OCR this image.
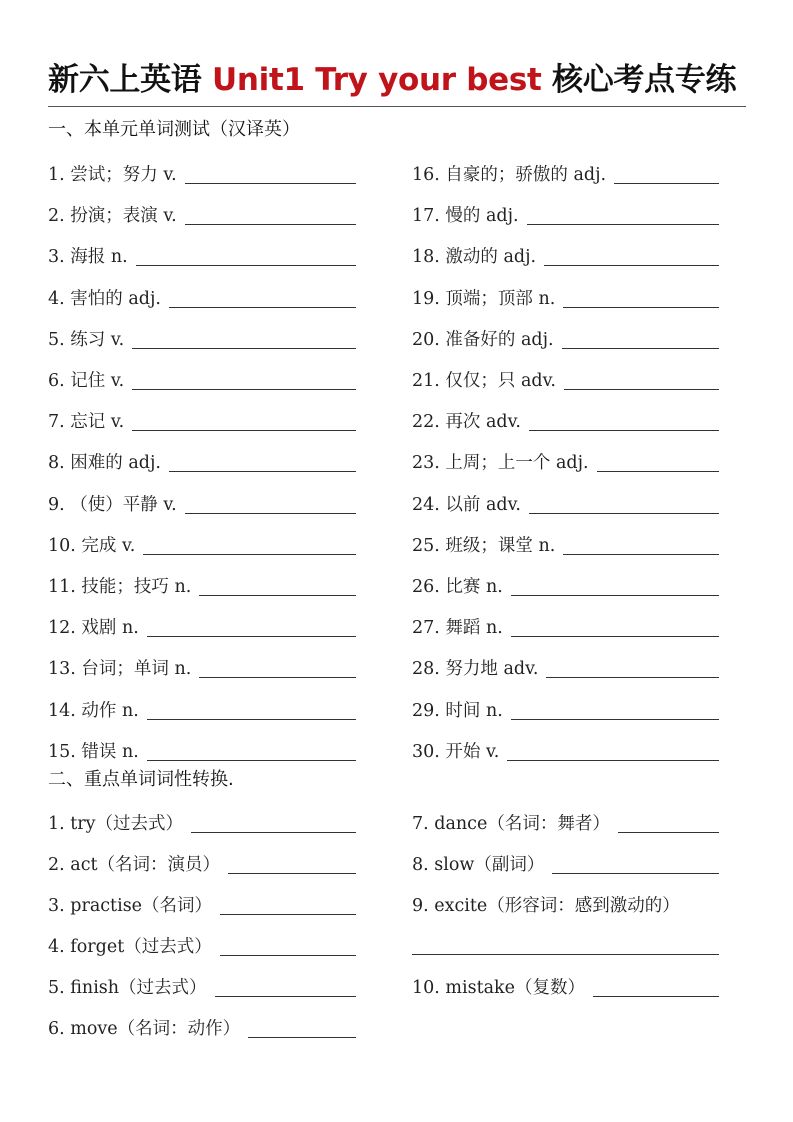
新六上英语 Unit1 Try your best 核心考点专练
一、本单元单词测试（汉译英）
1. 尝试；努力 v.
2. 扮演；表演 v.
3. 海报 n.
4. 害怕的 adj.
5. 练习 v.
6. 记住 v.
7. 忘记 v.
8. 困难的 adj.
9. （使）平静 v.
10. 完成 v.
11. 技能；技巧 n.
12. 戏剧 n.
13. 台词；单词 n.
14. 动作 n.
15. 错误 n.
16. 自豪的；骄傲的 adj.
17. 慢的 adj.
18. 激动的 adj.
19. 顶端；顶部 n.
20. 准备好的 adj.
21. 仅仅；只 adv.
22. 再次 adv.
23. 上周；上一个 adj.
24. 以前 adv.
25. 班级；课堂 n.
26. 比赛 n.
27. 舞蹈 n.
28. 努力地 adv.
29. 时间 n.
30. 开始 v.
二、重点单词词性转换.
1. try（过去式）
2. act（名词：演员）
3. practise（名词）
4. forget（过去式）
5. finish（过去式）
6. move（名词：动作）
7. dance（名词：舞者）
8. slow（副词）
9. excite（形容词：感到激动的）
10. mistake（复数）
